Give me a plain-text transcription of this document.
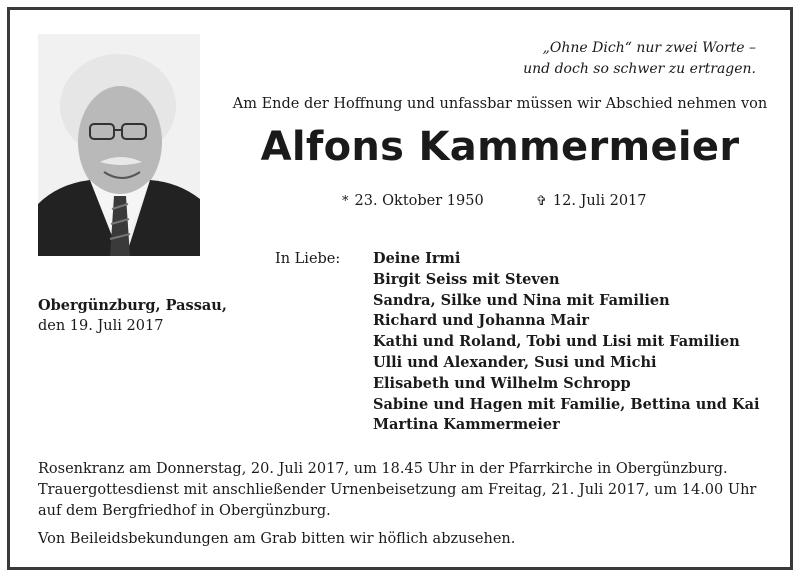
„Ohne Dich“ nur zwei Worte –
und doch so schwer zu ertragen.
Am Ende der Hoffnung und unfassbar müssen wir Abschied nehmen von
Alfons Kammermeier
* 23. Oktober 1950	✞ 12. Juli 2017
Obergünzburg, Passau,
den 19. Juli 2017
In Liebe: Deine Irmi
Birgit Seiss mit Steven
Sandra, Silke und Nina mit Familien
Richard und Johanna Mair
Kathi und Roland, Tobi und Lisi mit Familien
Ulli und Alexander, Susi und Michi
Elisabeth und Wilhelm Schropp
Sabine und Hagen mit Familie, Bettina und Kai
Martina Kammermeier

Rosenkranz am Donnerstag, 20. Juli 2017, um 18.45 Uhr in der Pfarrkirche in Obergünzburg.

Trauergottesdienst mit anschließender Urnenbeisetzung am Freitag, 21. Juli 2017, um 14.00 Uhr

auf dem Bergfriedhof in Obergünzburg.

Von Beileidsbekundungen am Grab bitten wir höflich abzusehen.
